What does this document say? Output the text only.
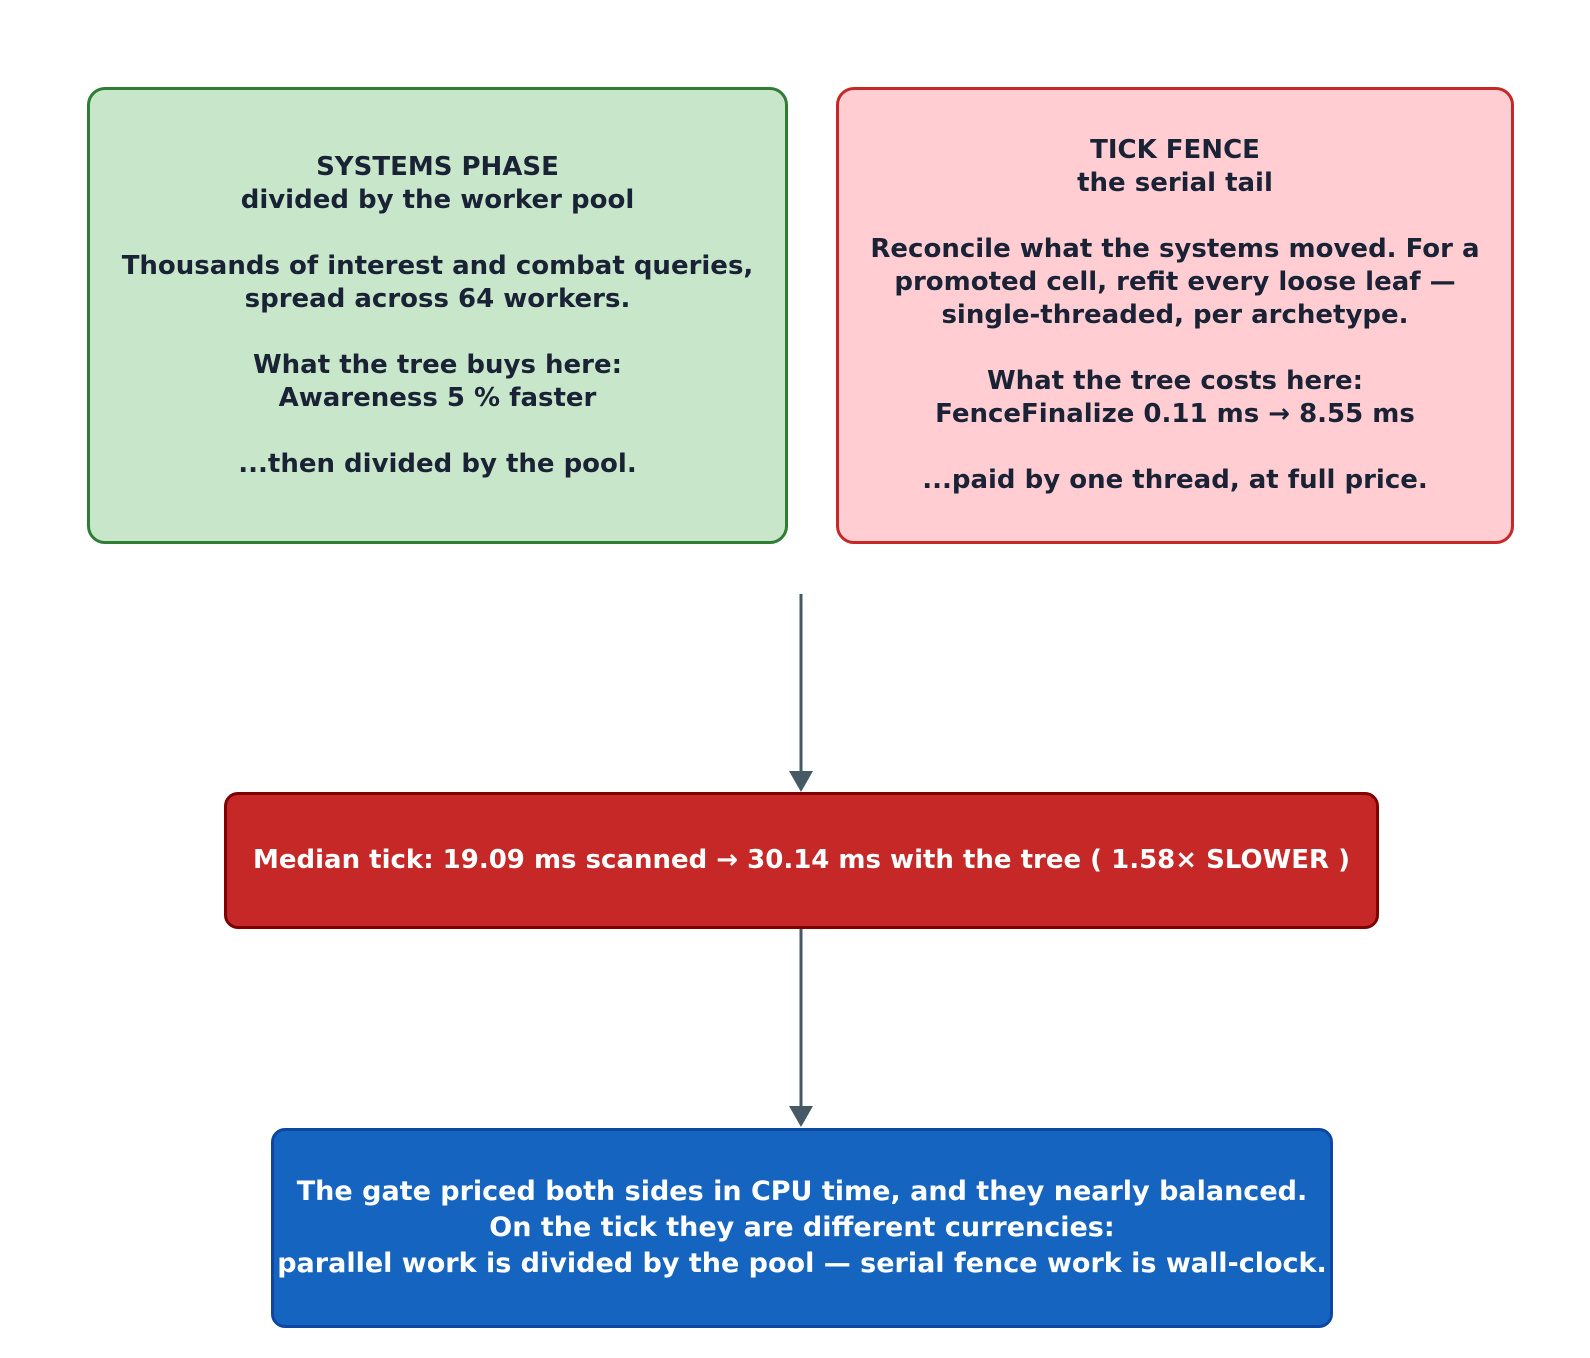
SYSTEMS PHASE
divided by the worker pool
Thousands of interest and combat queries,
spread across 64 workers.
What the tree buys here:
Awareness 5 % faster
...then divided by the pool.
TICK FENCE
the serial tail
Reconcile what the systems moved. For a
promoted cell, refit every loose leaf —
single-threaded, per archetype.
What the tree costs here:
FenceFinalize 0.11 ms → 8.55 ms
...paid by one thread, at full price.
Median tick: 19.09 ms scanned → 30.14 ms with the tree ( 1.58× SLOWER )
The gate priced both sides in CPU time, and they nearly balanced.
On the tick they are different currencies:
parallel work is divided by the pool — serial fence work is wall-clock.
